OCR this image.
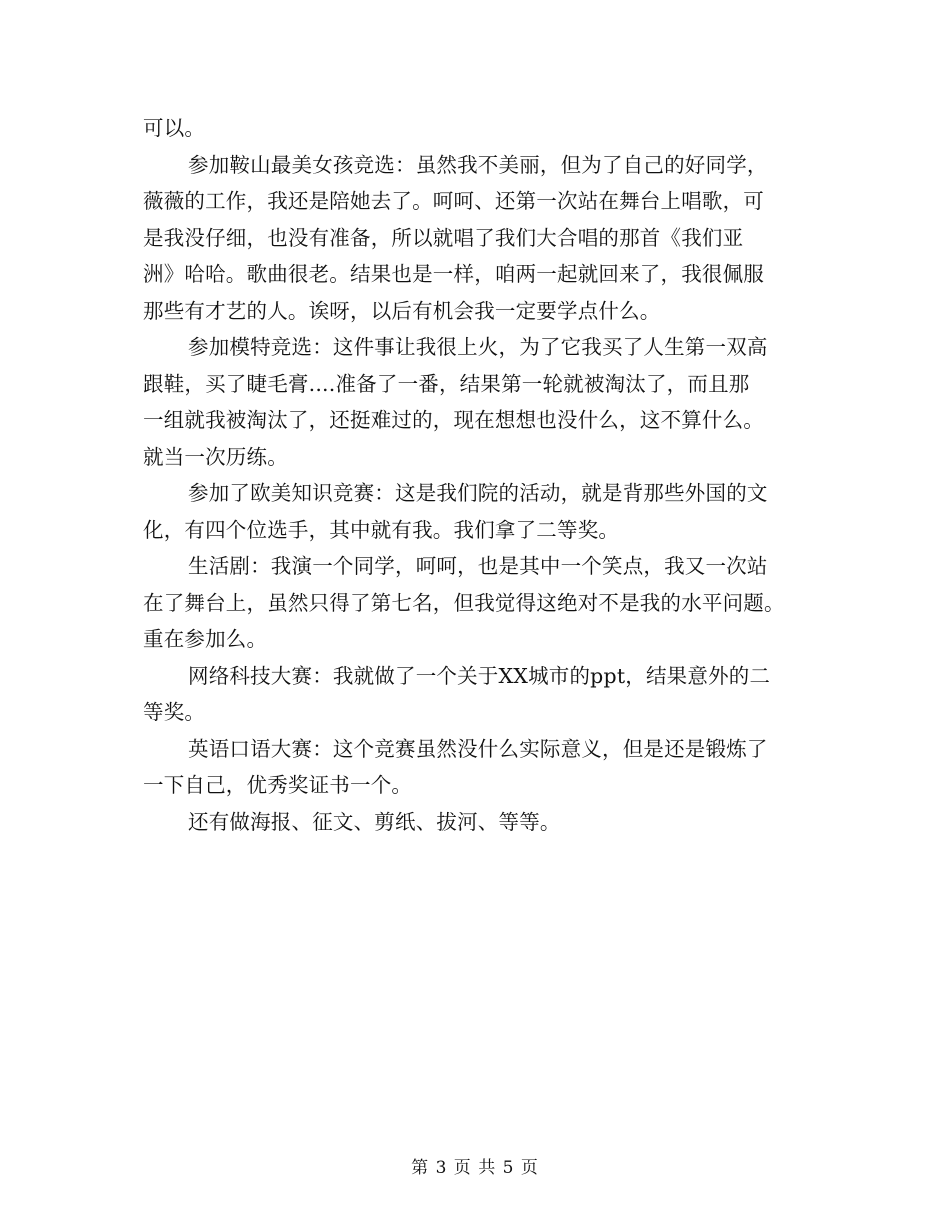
可以。
参加鞍山最美女孩竞选：虽然我不美丽，但为了自己的好同学，
薇薇的工作，我还是陪她去了。呵呵、还第一次站在舞台上唱歌，可
是我没仔细，也没有准备，所以就唱了我们大合唱的那首《我们亚
洲》哈哈。歌曲很老。结果也是一样，咱两一起就回来了，我很佩服
那些有才艺的人。诶呀，以后有机会我一定要学点什么。
参加模特竞选：这件事让我很上火，为了它我买了人生第一双高
跟鞋，买了睫毛膏....准备了一番，结果第一轮就被淘汰了，而且那
一组就我被淘汰了，还挺难过的，现在想想也没什么，这不算什么。
就当一次历练。
参加了欧美知识竞赛：这是我们院的活动，就是背那些外国的文
化，有四个位选手，其中就有我。我们拿了二等奖。
生活剧：我演一个同学，呵呵，也是其中一个笑点，我又一次站
在了舞台上，虽然只得了第七名，但我觉得这绝对不是我的水平问题。
重在参加么。
网络科技大赛：我就做了一个关于XX城市的ppt，结果意外的二
等奖。
英语口语大赛：这个竞赛虽然没什么实际意义，但是还是锻炼了
一下自己，优秀奖证书一个。
还有做海报、征文、剪纸、拔河、等等。
第 3 页 共 5 页
